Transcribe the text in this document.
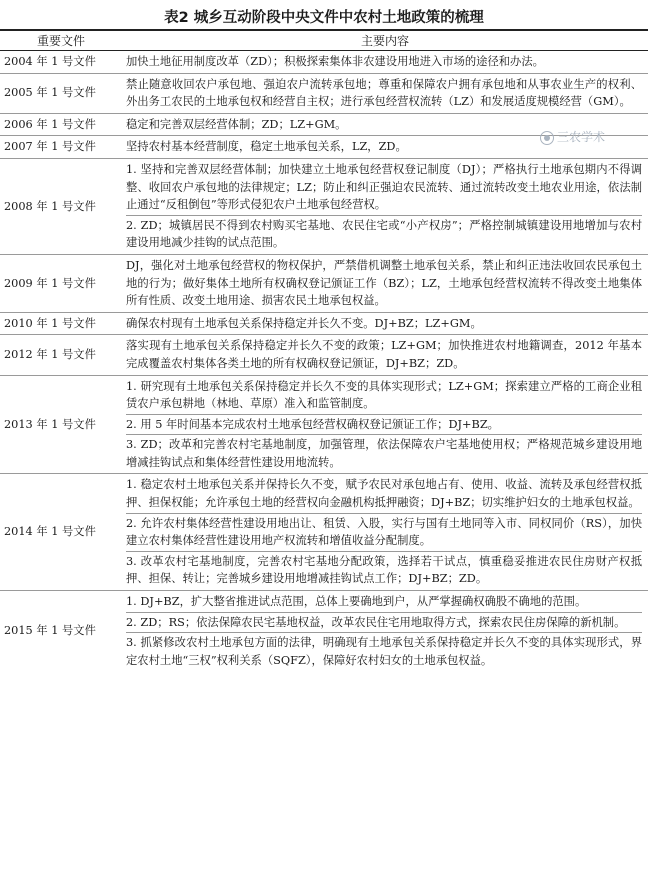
表2 城乡互动阶段中央文件中农村土地政策的梳理
重要文件	主要内容
2004 年 1 号文件	加快土地征用制度改革（ZD）；积极探索集体非农建设用地进入市场的途径和办法。

2005 年 1 号文件	禁止随意收回农户承包地、强迫农户流转承包地；尊重和保障农户拥有承包地和从事农业生产的权利、外出务工农民的土地承包权和经营自主权；进行承包经营权流转（LZ）和发展适度规模经营（GM）。

2006 年 1 号文件	稳定和完善双层经营体制；ZD；LZ+GM。

2007 年 1 号文件	坚持农村基本经营制度，稳定土地承包关系，LZ，ZD。

2008 年 1 号文件	1. 坚持和完善双层经营体制；加快建立土地承包经营权登记制度（DJ）；严格执行土地承包期内不得调整、收回农户承包地的法律规定；LZ；防止和纠正强迫农民流转、通过流转改变土地农业用途，依法制止通过“反租倒包”等形式侵犯农户土地承包经营权。
2. ZD；城镇居民不得到农村购买宅基地、农民住宅或“小产权房”；严格控制城镇建设用地增加与农村建设用地减少挂钩的试点范围。

2009 年 1 号文件	DJ，强化对土地承包经营权的物权保护，严禁借机调整土地承包关系，禁止和纠正违法收回农民承包土地的行为；做好集体土地所有权确权登记颁证工作（BZ）；LZ，土地承包经营权流转不得改变土地集体所有性质、改变土地用途、损害农民土地承包权益。

2010 年 1 号文件	确保农村现有土地承包关系保持稳定并长久不变。DJ+BZ；LZ+GM。

2012 年 1 号文件	落实现有土地承包关系保持稳定并长久不变的政策；LZ+GM；加快推进农村地籍调查，2012 年基本完成覆盖农村集体各类土地的所有权确权登记颁证，DJ+BZ；ZD。

2013 年 1 号文件	1. 研究现有土地承包关系保持稳定并长久不变的具体实现形式；LZ+GM；探索建立严格的工商企业租赁农户承包耕地（林地、草原）准入和监管制度。
2. 用 5 年时间基本完成农村土地承包经营权确权登记颁证工作；DJ+BZ。
3. ZD；改革和完善农村宅基地制度，加强管理，依法保障农户宅基地使用权；严格规范城乡建设用地增减挂钩试点和集体经营性建设用地流转。

2014 年 1 号文件	1. 稳定农村土地承包关系并保持长久不变，赋予农民对承包地占有、使用、收益、流转及承包经营权抵押、担保权能；允许承包土地的经营权向金融机构抵押融资；DJ+BZ；切实维护妇女的土地承包权益。
2. 允许农村集体经营性建设用地出让、租赁、入股，实行与国有土地同等入市、同权同价（RS），加快建立农村集体经营性建设用地产权流转和增值收益分配制度。
3. 改革农村宅基地制度，完善农村宅基地分配政策，选择若干试点，慎重稳妥推进农民住房财产权抵押、担保、转让；完善城乡建设用地增减挂钩试点工作；DJ+BZ；ZD。

2015 年 1 号文件	1. DJ+BZ，扩大整省推进试点范围，总体上要确地到户，从严掌握确权确股不确地的范围。
2. ZD；RS；依法保障农民宅基地权益，改革农民住宅用地取得方式，探索农民住房保障的新机制。
3. 抓紧修改农村土地承包方面的法律，明确现有土地承包关系保持稳定并长久不变的具体实现形式，界定农村土地“三权”权利关系（SQFZ），保障好农村妇女的土地承包权益。
三农学术
